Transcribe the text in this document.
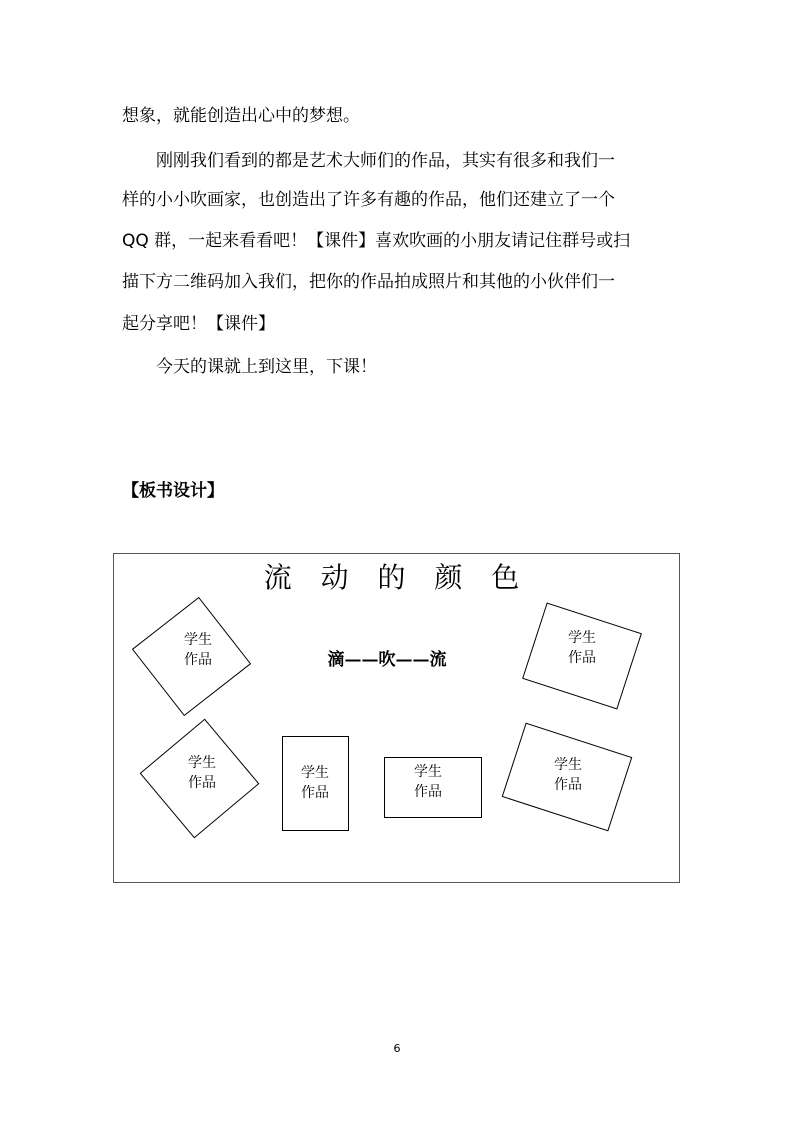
想象，就能创造出心中的梦想。
刚刚我们看到的都是艺术大师们的作品，其实有很多和我们一
样的小小吹画家，也创造出了许多有趣的作品，他们还建立了一个
QQ 群，一起来看看吧！【课件】喜欢吹画的小朋友请记住群号或扫
描下方二维码加入我们，把你的作品拍成照片和其他的小伙伴们一
起分享吧！【课件】
今天的课就上到这里，下课！
【板书设计】
流 动 的 颜 色
滴——吹——流
学生
作品
学生
作品
学生
作品
学生
作品
学生
作品
学生
作品
6
